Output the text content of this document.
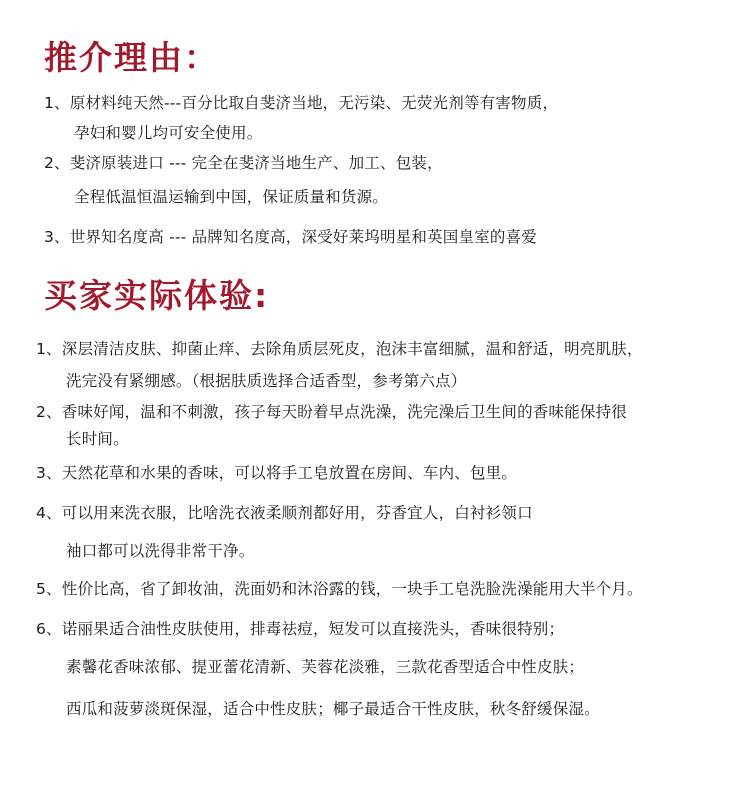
推介理由：

1、原材料纯天然---百分比取自斐济当地，无污染、无荧光剂等有害物质，

孕妇和婴儿均可安全使用。

2、斐济原装进口 --- 完全在斐济当地生产、加工、包装，

全程低温恒温运输到中国，保证质量和货源。

3、世界知名度高 --- 品牌知名度高，深受好莱坞明星和英国皇室的喜爱

买家实际体验:

1、深层清洁皮肤、抑菌止痒、去除角质层死皮，泡沫丰富细腻，温和舒适，明亮肌肤，

洗完没有紧绷感。（根据肤质选择合适香型，参考第六点）

2、香味好闻，温和不刺激，孩子每天盼着早点洗澡，洗完澡后卫生间的香味能保持很

长时间。

3、天然花草和水果的香味，可以将手工皂放置在房间、车内、包里。

4、可以用来洗衣服，比啥洗衣液柔顺剂都好用，芬香宜人，白衬衫领口

袖口都可以洗得非常干净。

5、性价比高，省了卸妆油，洗面奶和沐浴露的钱，一块手工皂洗脸洗澡能用大半个月。

6、诺丽果适合油性皮肤使用，排毒祛痘，短发可以直接洗头，香味很特别；

素馨花香味浓郁、提亚蕾花清新、芙蓉花淡雅，三款花香型适合中性皮肤；

西瓜和菠萝淡斑保湿，适合中性皮肤；椰子最适合干性皮肤，秋冬舒缓保湿。
